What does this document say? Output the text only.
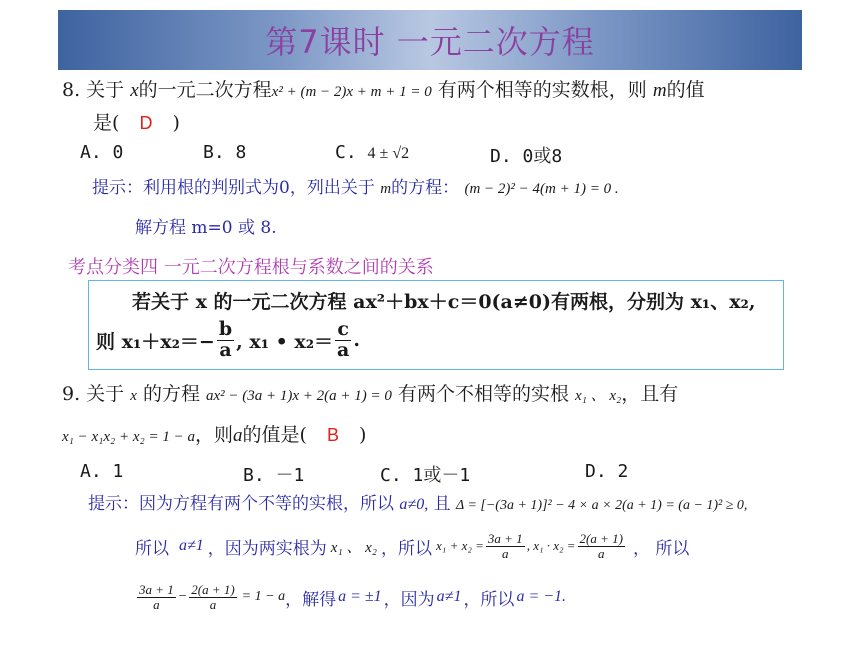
第7课时 一元二次方程
8. 关于 x的一元二次方程x² + (m − 2)x + m + 1 = 0 有两个相等的实数根，则 m的值
是( D )
A. 0	B. 8	C. 4 ± √2	D. 0或8
提示：利用根的判别式为0，列出关于 m的方程： (m − 2)² − 4(m + 1) = 0 .
解方程 m=0 或 8.
考点分类四 一元二次方程根与系数之间的关系
若关于 x 的一元二次方程 ax²＋bx＋c＝0(a≠0)有两根，分别为 x₁、x₂,
则 $x_1+x_2=- \frac{b}{a}$ , x₁ • $x_2= \frac{c}{a}$ .
9. 关于 x 的方程 ax² − (3a + 1)x + 2(a + 1) = 0 有两个不相等的实根 x₁ 、 x₂，且有
x₁ − x₁x₂ + x₂ = 1 − a，则a的值是( B )
A. 1	B. －1	C. 1或－1	D. 2
提示：因为方程有两个不等的实根，所以 a≠0, 且 Δ = [−(3a + 1)]² − 4 × a × 2(a + 1) = (a − 1)² ≥ 0,
所以 a≠1 ，因为两实根为 x₁ 、 x₂ ，所以 $x_1 + x_2 = \frac{3a + 1}{a}$ , $x_1 \cdot x_2 = \frac{2(a + 1)}{a}$ ， 所以
$\frac{3a + 1}{a} - \frac{2(a + 1)}{a} = 1 - a$ ，解得 a = ±1 ，因为 a≠1 ，所以 a = −1.
